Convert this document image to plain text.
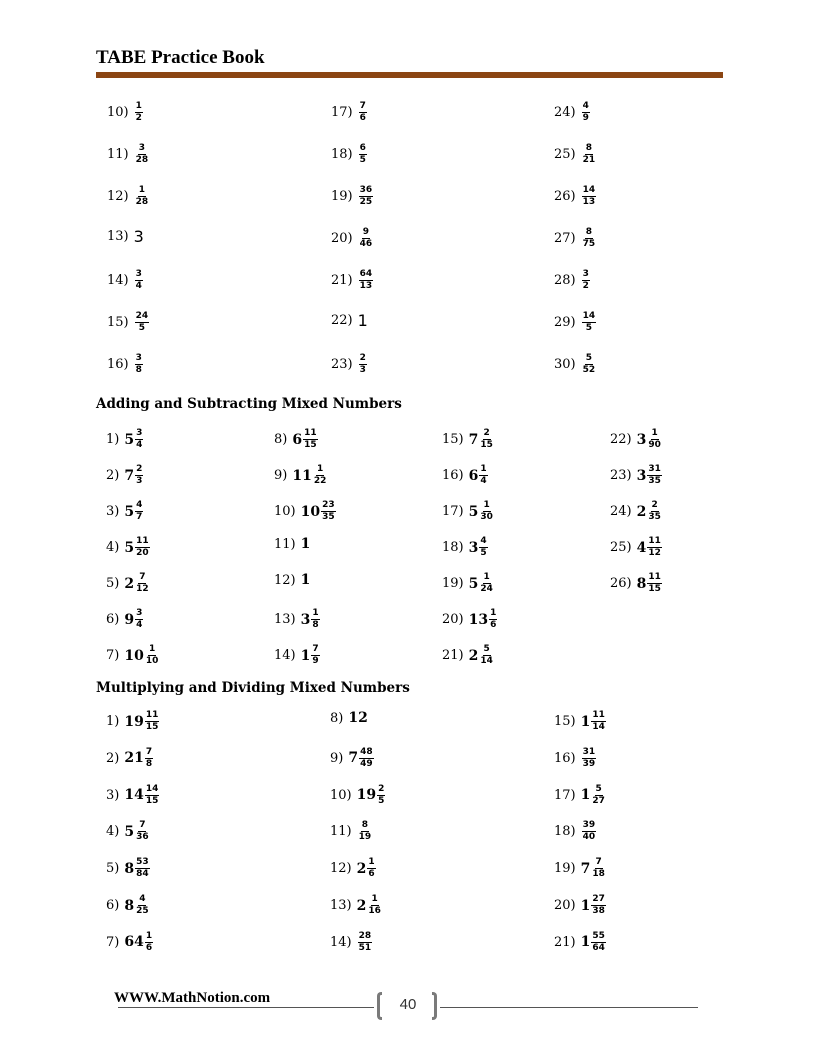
TABE Practice Book
$10) \frac{1}{2}$
$11) \frac{3}{28}$
$12) \frac{1}{28}$
13) 3
$14) \frac{3}{4}$
$15) \frac{24}{5}$
$16) \frac{3}{8}$
$17) \frac{7}{6}$
$18) \frac{6}{5}$
$19) \frac{36}{25}$
$20) \frac{9}{46}$
$21) \frac{64}{13}$
22) 1
$23) \frac{2}{3}$
$24) \frac{4}{9}$
$25) \frac{8}{21}$
$26) \frac{14}{13}$
$27) \frac{8}{75}$
$28) \frac{3}{2}$
$29) \frac{14}{5}$
$30) \frac{5}{52}$
1) $5 \frac{3}{4}$
2) $7 \frac{2}{3}$
3) $5 \frac{4}{7}$
4) $5 \frac{11}{20}$
5) $2 \frac{7}{12}$
6) $9 \frac{3}{4}$
7) $10 \frac{1}{10}$
8) $6 \frac{11}{15}$
9) $11 \frac{1}{22}$
10) $10 \frac{23}{35}$
11) 1
12) 1
13) $3 \frac{1}{8}$
14) $1 \frac{7}{9}$
15) $7 \frac{2}{15}$
16) $6 \frac{1}{4}$
17) $5 \frac{1}{30}$
18) $3 \frac{4}{5}$
19) $5 \frac{1}{24}$
20) $13 \frac{1}{6}$
21) $2 \frac{5}{14}$
22) $3 \frac{1}{90}$
23) $3 \frac{31}{35}$
24) $2 \frac{2}{35}$
25) $4 \frac{11}{12}$
26) $8 \frac{11}{15}$
1) $19 \frac{11}{15}$
2) $21 \frac{7}{8}$
3) $14 \frac{14}{15}$
4) $5 \frac{7}{36}$
5) $8 \frac{53}{84}$
6) $8 \frac{4}{25}$
7) $64 \frac{1}{6}$
8) 12
9) $7 \frac{48}{49}$
10) $19 \frac{2}{5}$
$11) \frac{8}{19}$
12) $2 \frac{1}{6}$
13) $2 \frac{1}{16}$
$14) \frac{28}{51}$
15) $1 \frac{11}{14}$
$16) \frac{31}{39}$
17) $1 \frac{5}{27}$
$18) \frac{39}{40}$
19) $7 \frac{7}{18}$
20) $1 \frac{27}{38}$
21) $1 \frac{55}{64}$
Adding and Subtracting Mixed Numbers
Multiplying and Dividing Mixed Numbers
WWW.MathNotion.com	40
